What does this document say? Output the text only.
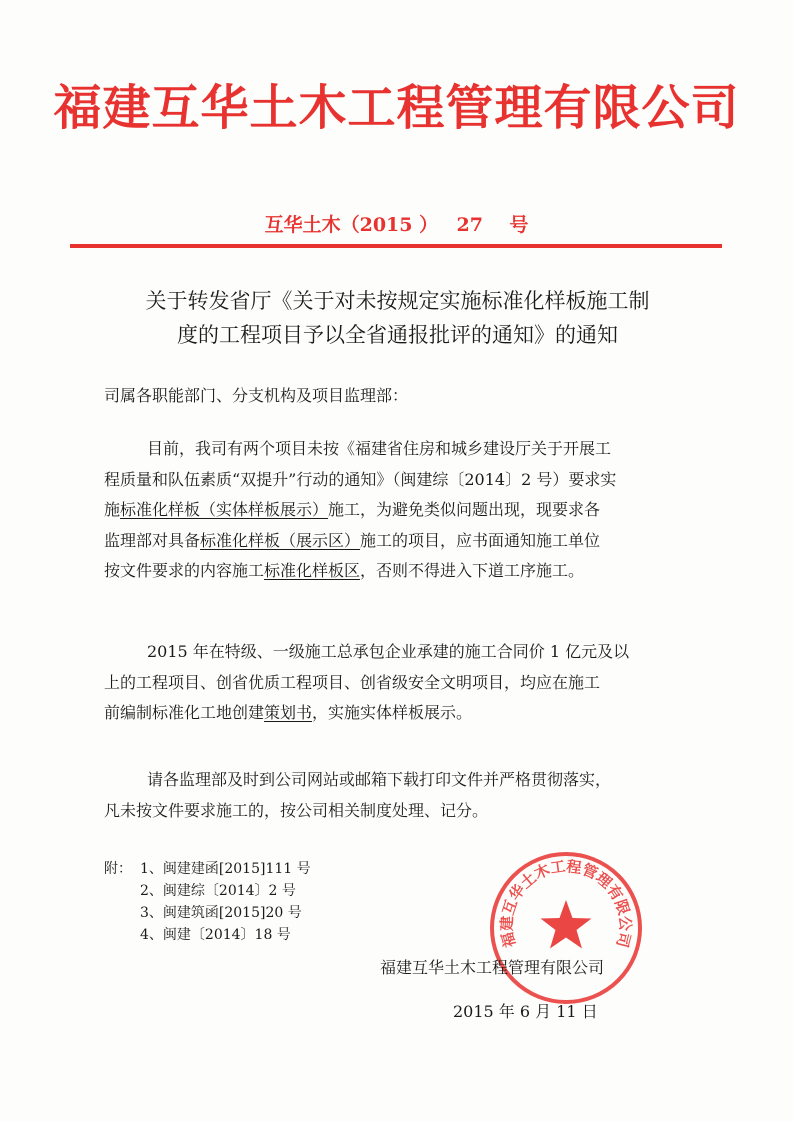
福建互华土木工程管理有限公司
互华土木（2015 ） 27 号
关于转发省厅《关于对未按规定实施标准化样板施工制
度的工程项目予以全省通报批评的通知》的通知
司属各职能部门、分支机构及项目监理部：
目前，我司有两个项目未按《福建省住房和城乡建设厅关于开展工
程质量和队伍素质“双提升”行动的通知》（闽建综〔2014〕2 号）要求实
施标准化样板（实体样板展示）施工，为避免类似问题出现，现要求各
监理部对具备标准化样板（展示区）施工的项目，应书面通知施工单位
按文件要求的内容施工标准化样板区，否则不得进入下道工序施工。
2015 年在特级、一级施工总承包企业承建的施工合同价 1 亿元及以
上的工程项目、创省优质工程项目、创省级安全文明项目，均应在施工
前编制标准化工地创建策划书，实施实体样板展示。
请各监理部及时到公司网站或邮箱下载打印文件并严格贯彻落实，
凡未按文件要求施工的，按公司相关制度处理、记分。
附： 1、闽建建函[2015]111 号
2、闽建综〔2014〕2 号
3、闽建筑函[2015]20 号
4、闽建〔2014〕18 号	福建互华土木工程管理有限公司
福建互华土木工程管理有限公司
2015 年 6 月 11 日
